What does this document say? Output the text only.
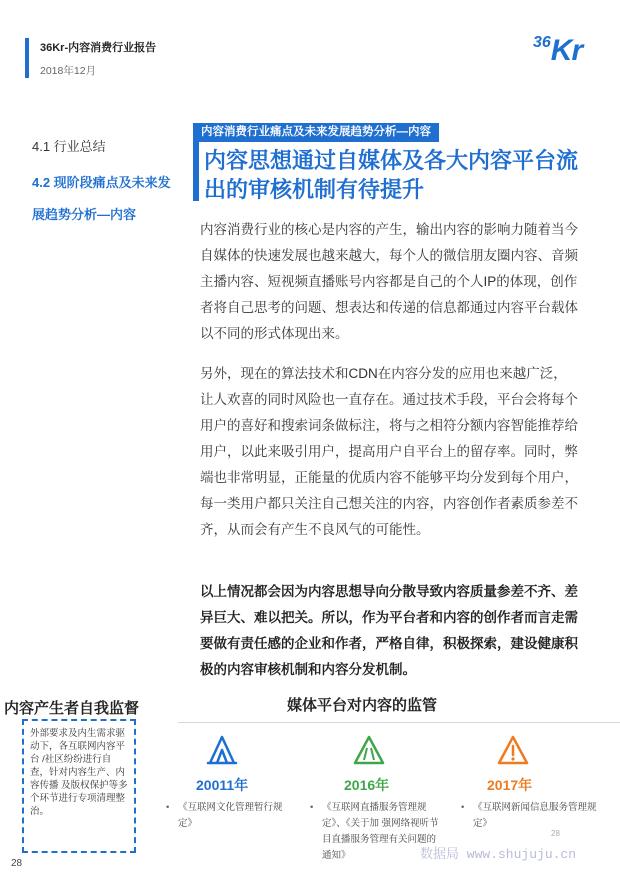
36Kr-内容消费行业报告
2018年12月
36Kr
4.1 行业总结
4.2 现阶段痛点及未来发展趋势分析—内容
内容消费行业痛点及未来发展趋势分析—内容
内容思想通过自媒体及各大内容平台流出的审核机制有待提升

内容消费行业的核心是内容的产生，输出内容的影响力随着当今自媒体的快速发展也越来越大，每个人的微信朋友圈内容、音频主播内容、短视频直播账号内容都是自己的个人IP的体现，创作者将自己思考的问题、想表达和传递的信息都通过内容平台载体以不同的形式体现出来。

另外，现在的算法技术和CDN在内容分发的应用也来越广泛，让人欢喜的同时风险也一直存在。通过技术手段，平台会将每个用户的喜好和搜索词条做标注，将与之相符分额内容智能推荐给用户，以此来吸引用户，提高用户自平台上的留存率。同时，弊端也非常明显，正能量的优质内容不能够平均分发到每个用户，每一类用户都只关注自己想关注的内容，内容创作者素质参差不齐，从而会有产生不良风气的可能性。

以上情况都会因为内容思想导向分散导致内容质量参差不齐、差异巨大、难以把关。所以，作为平台者和内容的创作者而言走需要做有责任感的企业和作者，严格自律，积极探索，建设健康积极的内容审核机制和内容分发机制。

内容产生者自我监督	媒体平台对内容的监管

外部要求及内生需求驱动下，各互联网内容平台 /社区纷纷进行自查，针对内容生产、内容传播 及版权保护等多个环节进行专项清理整治。

20011年
• 《互联网文化管理暂行规定》
2016年
• 《互联网直播服务管理规定》、《关于加 强网络视听节目直播服务管理有关问题的通知》
2017年
• 《互联网新闻信息服务管理规定》
28
28
数据局 www.shujuju.cn
